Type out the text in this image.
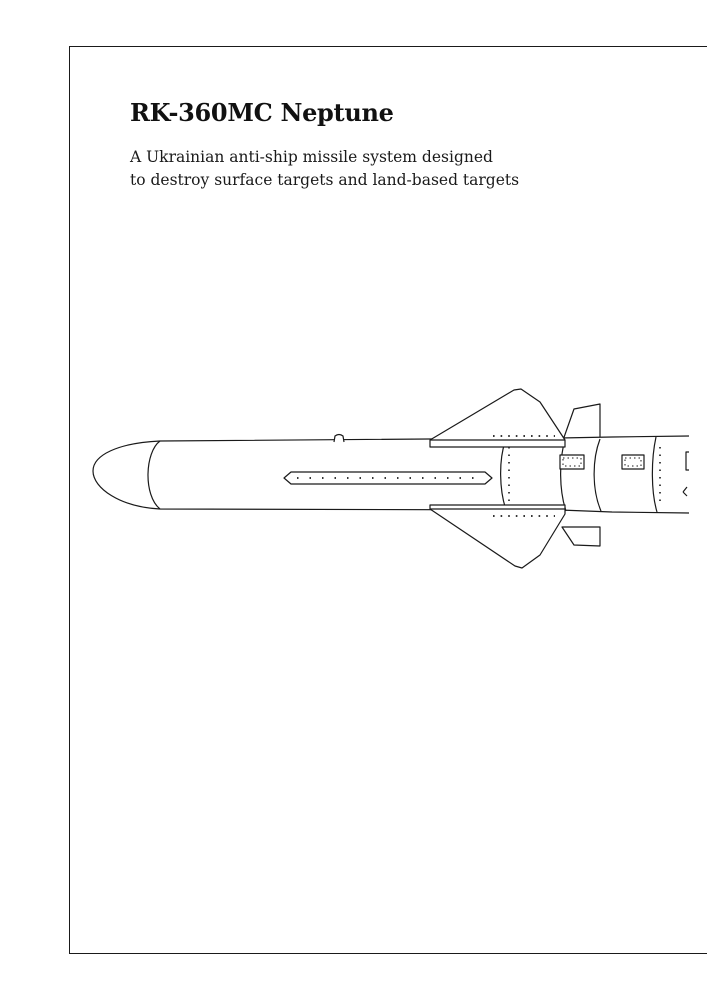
RK-360MC Neptune

A Ukrainian anti-ship missile system designed
to destroy surface targets and land-based targets
